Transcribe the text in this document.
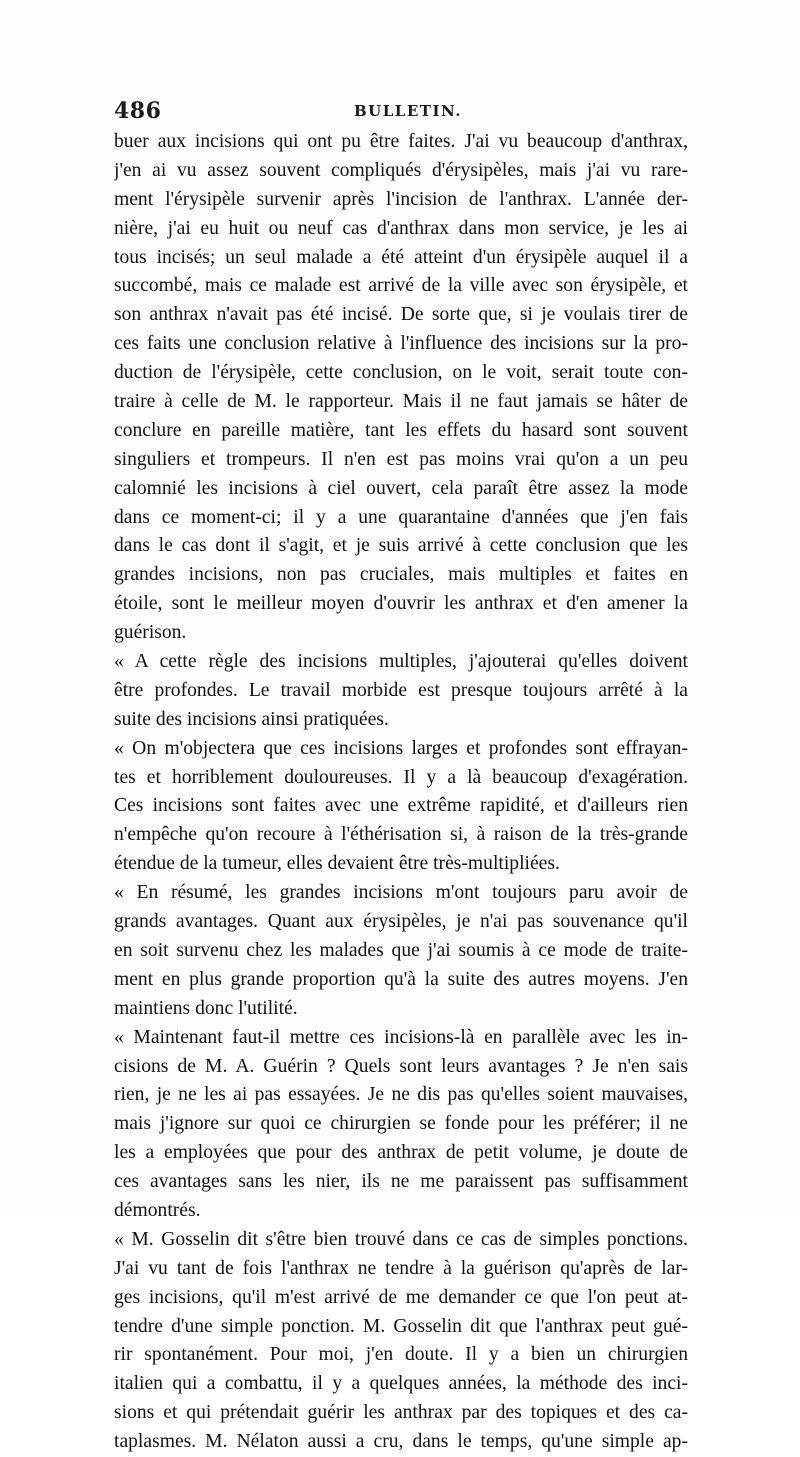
486	BULLETIN.
buer aux incisions qui ont pu être faites. J'ai vu beaucoup d'anthrax,
j'en ai vu assez souvent compliqués d'érysipèles, mais j'ai vu rare-
ment l'érysipèle survenir après l'incision de l'anthrax. L'année der-
nière, j'ai eu huit ou neuf cas d'anthrax dans mon service, je les ai
tous incisés; un seul malade a été atteint d'un érysipèle auquel il a
succombé, mais ce malade est arrivé de la ville avec son érysipèle, et
son anthrax n'avait pas été incisé. De sorte que, si je voulais tirer de
ces faits une conclusion relative à l'influence des incisions sur la pro-
duction de l'érysipèle, cette conclusion, on le voit, serait toute con-
traire à celle de M. le rapporteur. Mais il ne faut jamais se hâter de
conclure en pareille matière, tant les effets du hasard sont souvent
singuliers et trompeurs. Il n'en est pas moins vrai qu'on a un peu
calomnié les incisions à ciel ouvert, cela paraît être assez la mode
dans ce moment-ci; il y a une quarantaine d'années que j'en fais
dans le cas dont il s'agit, et je suis arrivé à cette conclusion que les
grandes incisions, non pas cruciales, mais multiples et faites en
étoile, sont le meilleur moyen d'ouvrir les anthrax et d'en amener la
guérison.
« A cette règle des incisions multiples, j'ajouterai qu'elles doivent
être profondes. Le travail morbide est presque toujours arrêté à la
suite des incisions ainsi pratiquées.
« On m'objectera que ces incisions larges et profondes sont effrayan-
tes et horriblement douloureuses. Il y a là beaucoup d'exagération.
Ces incisions sont faites avec une extrême rapidité, et d'ailleurs rien
n'empêche qu'on recoure à l'éthérisation si, à raison de la très-grande
étendue de la tumeur, elles devaient être très-multipliées.
« En résumé, les grandes incisions m'ont toujours paru avoir de
grands avantages. Quant aux érysipèles, je n'ai pas souvenance qu'il
en soit survenu chez les malades que j'ai soumis à ce mode de traite-
ment en plus grande proportion qu'à la suite des autres moyens. J'en
maintiens donc l'utilité.
« Maintenant faut-il mettre ces incisions-là en parallèle avec les in-
cisions de M. A. Guérin ? Quels sont leurs avantages ? Je n'en sais
rien, je ne les ai pas essayées. Je ne dis pas qu'elles soient mauvaises,
mais j'ignore sur quoi ce chirurgien se fonde pour les préférer; il ne
les a employées que pour des anthrax de petit volume, je doute de
ces avantages sans les nier, ils ne me paraissent pas suffisamment
démontrés.
« M. Gosselin dit s'être bien trouvé dans ce cas de simples ponctions.
J'ai vu tant de fois l'anthrax ne tendre à la guérison qu'après de lar-
ges incisions, qu'il m'est arrivé de me demander ce que l'on peut at-
tendre d'une simple ponction. M. Gosselin dit que l'anthrax peut gué-
rir spontanément. Pour moi, j'en doute. Il y a bien un chirurgien
italien qui a combattu, il y a quelques années, la méthode des inci-
sions et qui prétendait guérir les anthrax par des topiques et des ca-
taplasmes. M. Nélaton aussi a cru, dans le temps, qu'une simple ap-
